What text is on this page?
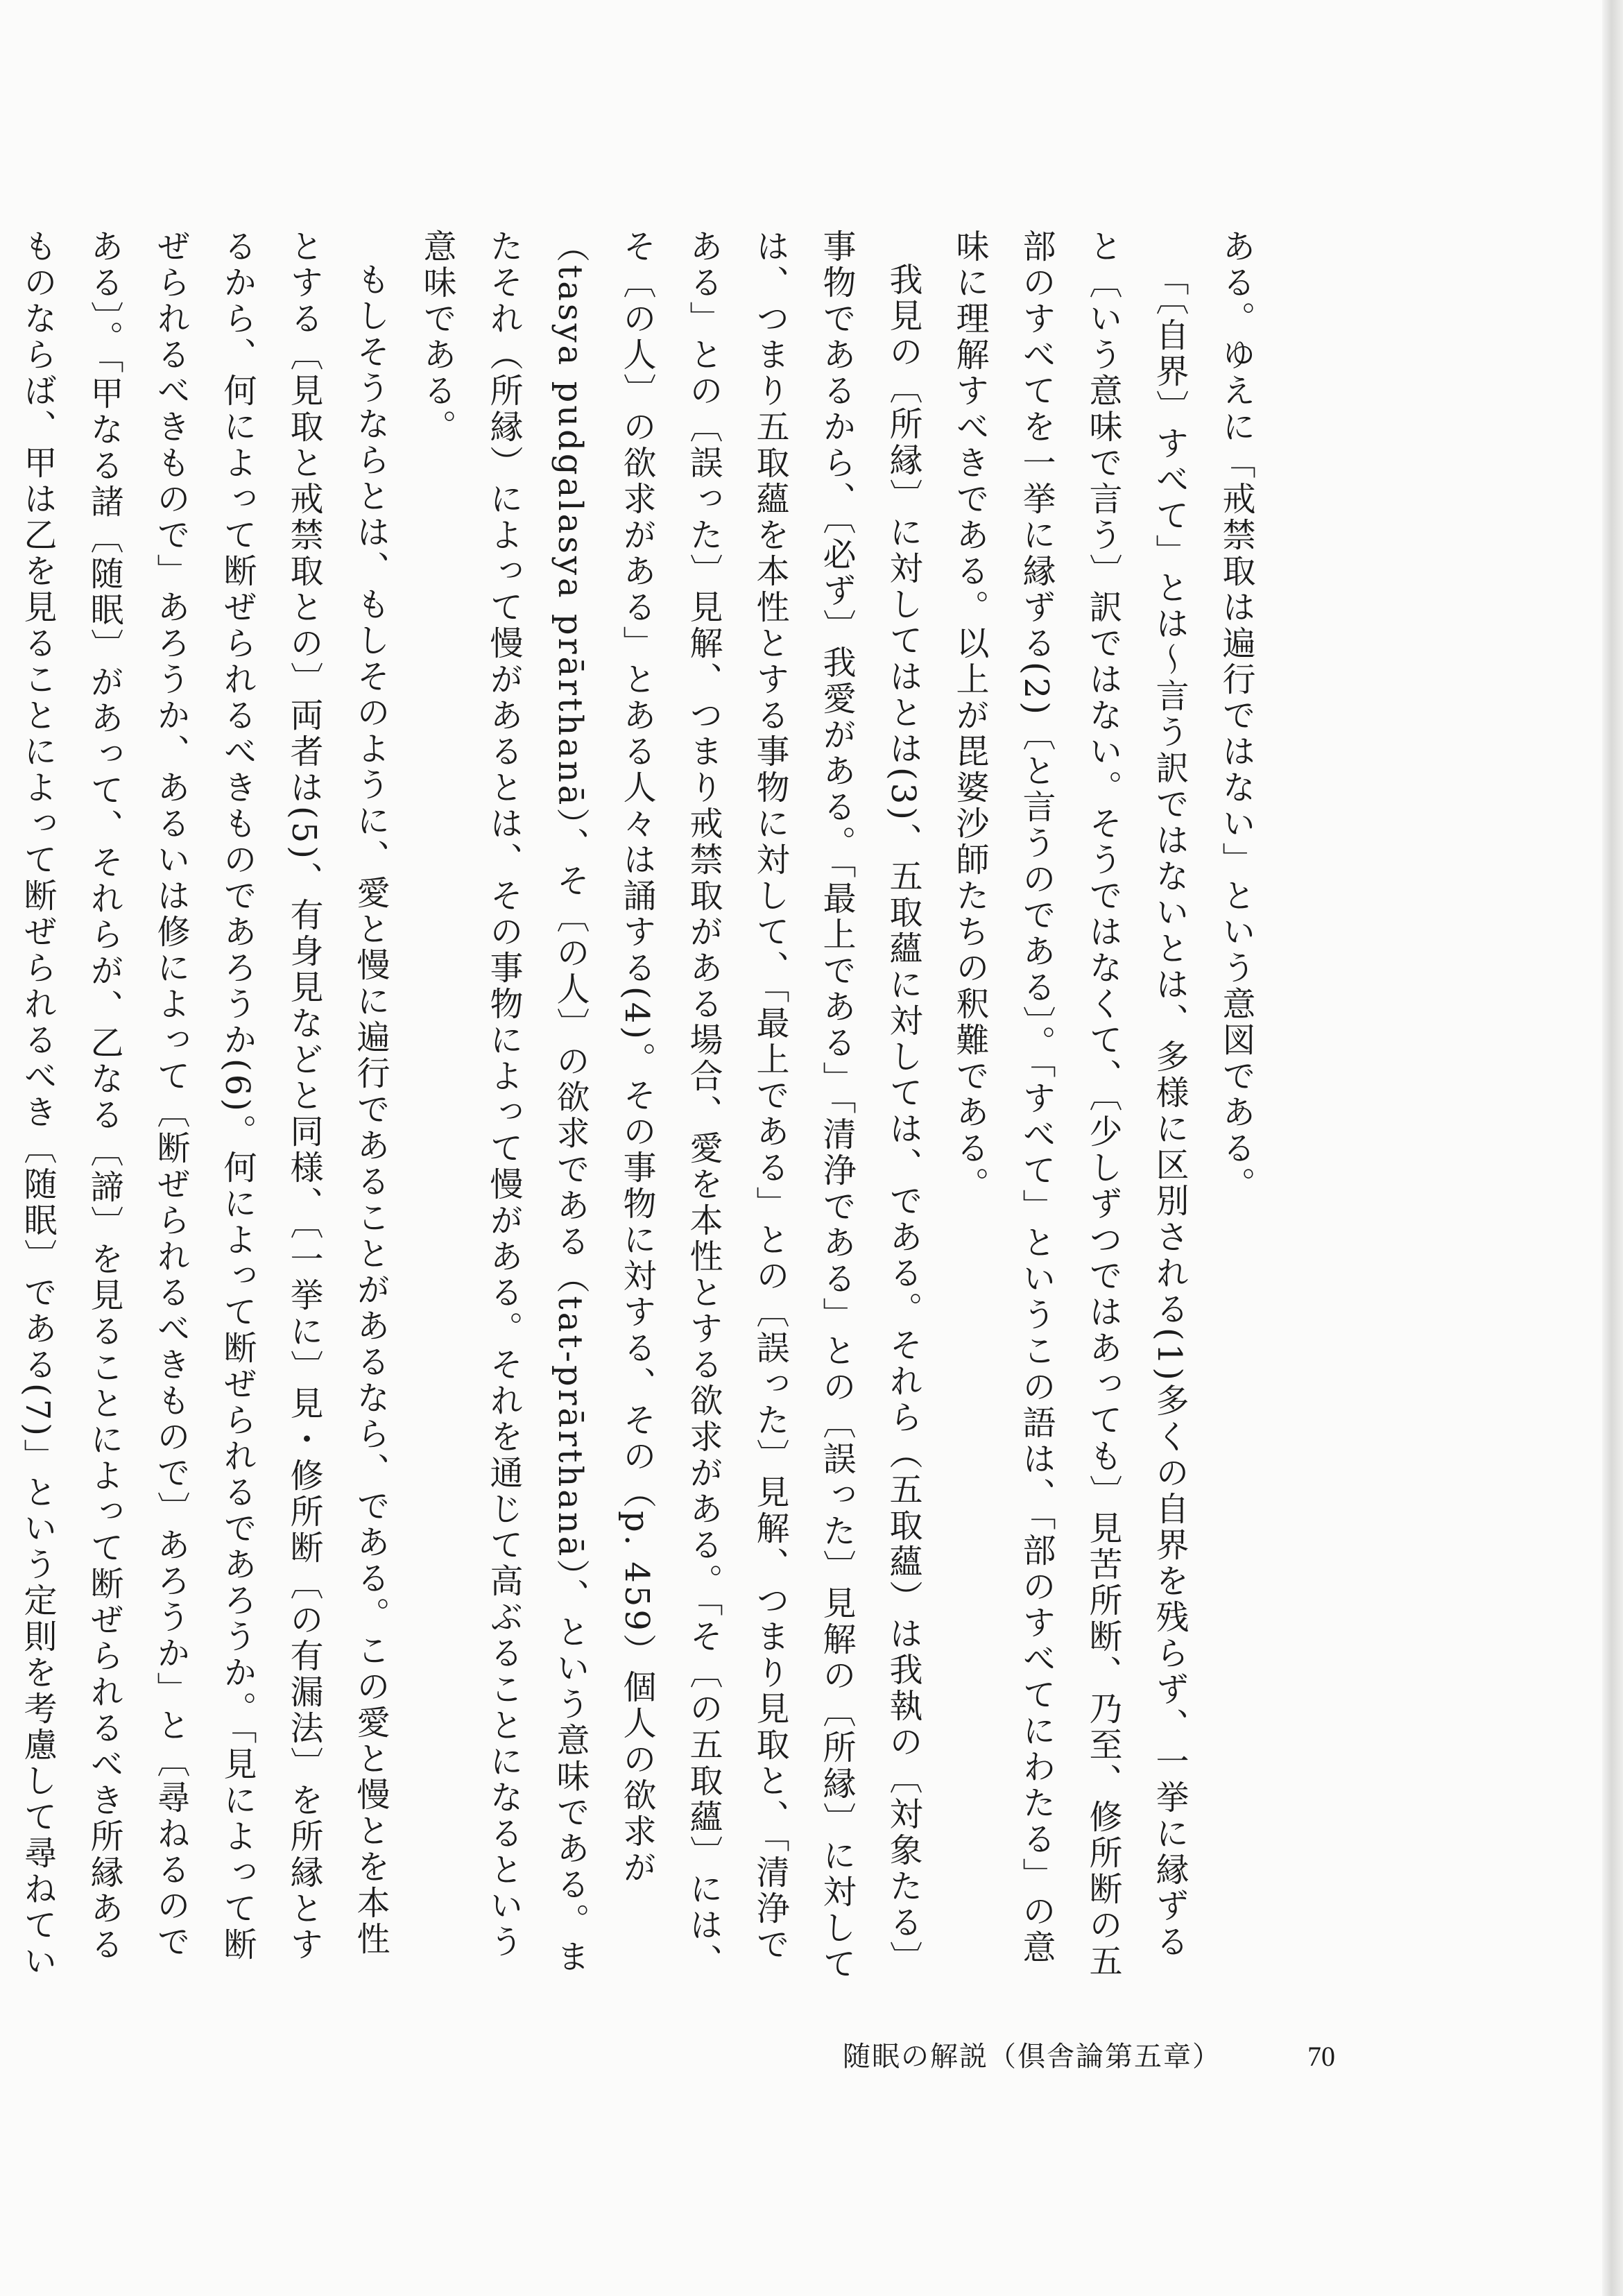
ある。ゆえに「戒禁取は遍行ではない」という意図である。

「〔自界〕すべて」とは〜言う訳ではないとは、多様に区別される(1)多くの自界を残らず、一挙に縁ずると〔いう意味で言う〕訳ではない。そうではなくて、〔少しずつではあっても〕見苦所断、乃至、修所断の五部のすべてを一挙に縁ずる(2)〔と言うのである〕。「すべて」というこの語は、「部のすべてにわたる」の意味に理解すべきである。以上が毘婆沙師たちの釈難である。

我見の〔所縁〕に対してはとは(3)、五取蘊に対しては、である。それら（五取蘊）は我執の〔対象たる〕事物であるから、〔必ず〕我愛がある。「最上である」「清浄である」との〔誤った〕見解の〔所縁〕に対しては、つまり五取蘊を本性とする事物に対して、「最上である」との〔誤った〕見解、つまり見取と、「清浄である」との〔誤った〕見解、つまり戒禁取がある場合、愛を本性とする欲求がある。「そ〔の五取蘊〕には、そ〔の人〕の欲求がある」とある人々は誦する(4)。その事物に対する、その（p. 459）個人の欲求が（tasya pudgalasya prārthanā）、そ〔の人〕の欲求である（tat-prārthanā）、という意味である。またそれ（所縁）によって慢があるとは、その事物によって慢がある。それを通じて高ぶることになるという意味である。

もしそうならとは、もしそのように、愛と慢に遍行であることがあるなら、である。この愛と慢とを本性とする〔見取と戒禁取との〕両者は(5)、有身見などと同様、〔一挙に〕見・修所断〔の有漏法〕を所縁とするから、何によって断ぜられるべきものであろうか(6)。何によって断ぜられるであろうか。「見によって断ぜられるべきもので」あろうか、あるいは修によって〔断ぜられるべきもので〕あろうか」と〔尋ねるのである〕。「甲なる諸〔随眠〕があって、それらが、乙なる〔諦〕を見ることによって断ぜられるべき所縁あるものならば、甲は乙を見ることによって断ぜられるべき〔随眠〕である(7)」という定則を考慮して尋ねてい

随眠の解説（倶舎論第五章）	70
